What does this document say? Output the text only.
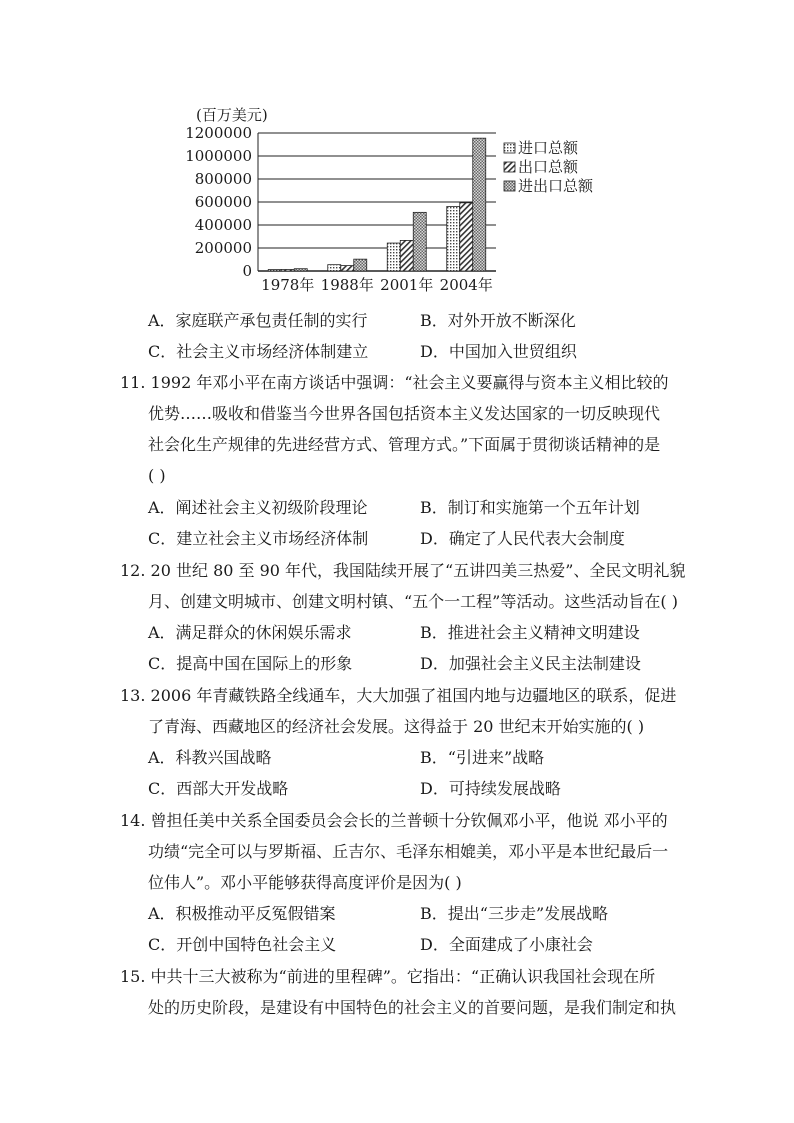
(百万美元)
0
200000
400000
600000
800000
1000000
1200000
1978年 1988年 2001年 2004年
进口总额
出口总额
进出口总额
A．家庭联产承包责任制的实行	B．对外开放不断深化
C．社会主义市场经济体制建立	D．中国加入世贸组织
11. 1992 年邓小平在南方谈话中强调：“社会主义要赢得与资本主义相比较的
优势……吸收和借鉴当今世界各国包括资本主义发达国家的一切反映现代
社会化生产规律的先进经营方式、管理方式。”下面属于贯彻谈话精神的是
( )
A．阐述社会主义初级阶段理论	B．制订和实施第一个五年计划
C．建立社会主义市场经济体制	D．确定了人民代表大会制度
12. 20 世纪 80 至 90 年代，我国陆续开展了“五讲四美三热爱”、全民文明礼貌
月、创建文明城市、创建文明村镇、“五个一工程”等活动。这些活动旨在( )
A．满足群众的休闲娱乐需求	B．推进社会主义精神文明建设
C．提高中国在国际上的形象	D．加强社会主义民主法制建设
13. 2006 年青藏铁路全线通车，大大加强了祖国内地与边疆地区的联系，促进
了青海、西藏地区的经济社会发展。这得益于 20 世纪末开始实施的( )
A．科教兴国战略	B．“引进来”战略
C．西部大开发战略	D．可持续发展战略
14. 曾担任美中关系全国委员会会长的兰普顿十分钦佩邓小平，他说 邓小平的
功绩“完全可以与罗斯福、丘吉尔、毛泽东相媲美，邓小平是本世纪最后一
位伟人”。邓小平能够获得高度评价是因为( )
A．积极推动平反冤假错案	B．提出“三步走”发展战略
C．开创中国特色社会主义	D．全面建成了小康社会
15. 中共十三大被称为“前进的里程碑”。它指出：“正确认识我国社会现在所
处的历史阶段，是建设有中国特色的社会主义的首要问题，是我们制定和执
